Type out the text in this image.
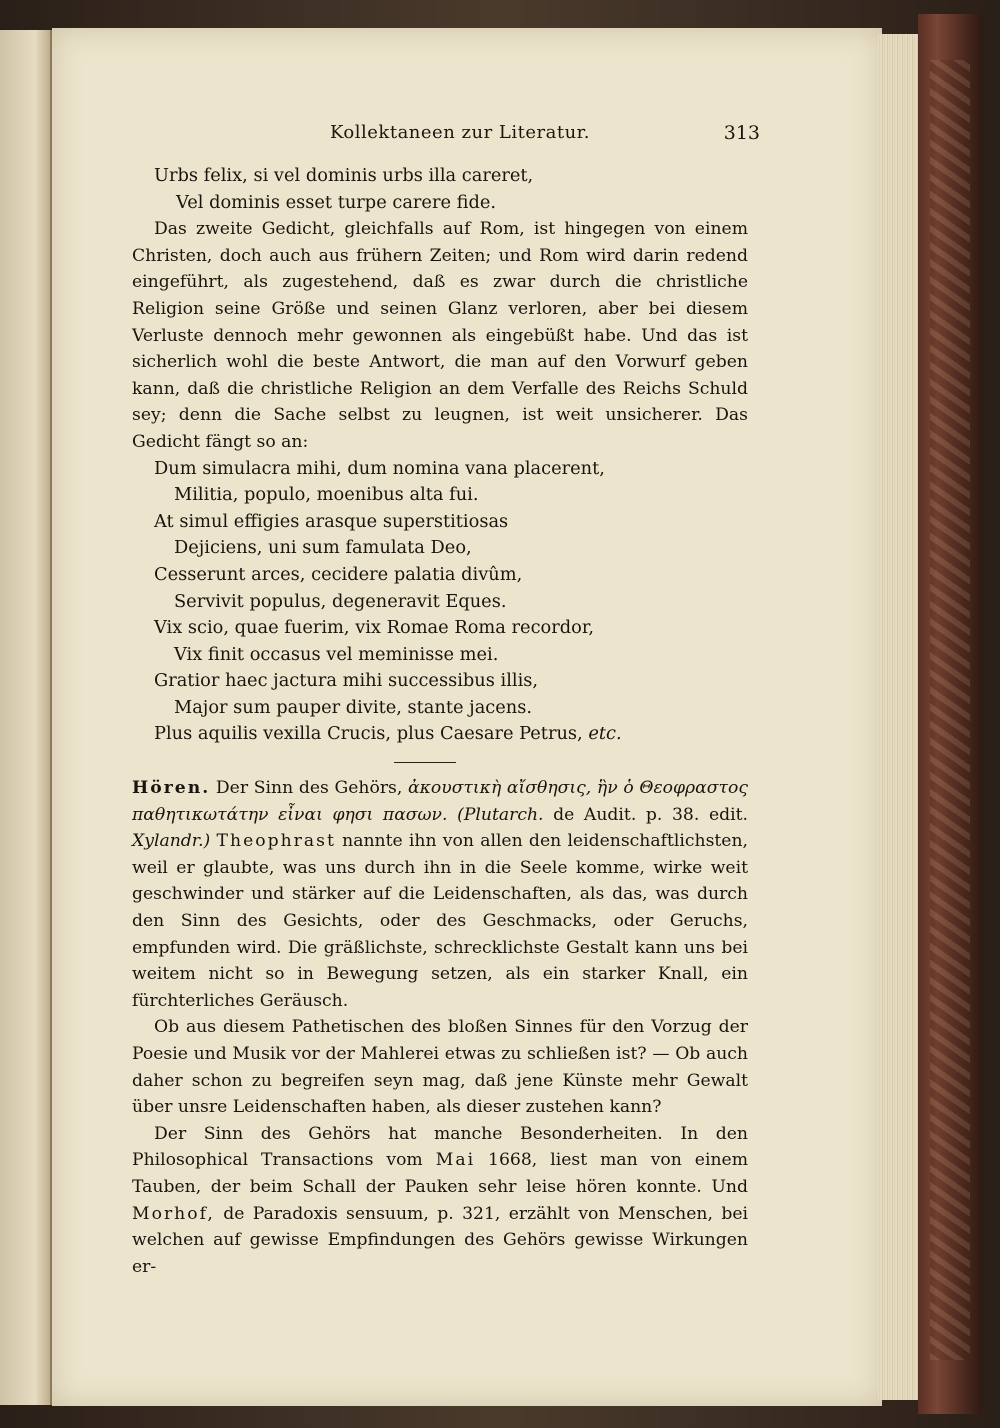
Kollektaneen zur Literatur.	313
Urbs felix, si vel dominis urbs illa careret,
Vel dominis esset turpe carere fide.

Das zweite Gedicht, gleichfalls auf Rom, ist hingegen von einem Christen, doch auch aus frühern Zeiten; und Rom wird darin redend eingeführt, als zugestehend, daß es zwar durch die christliche Religion seine Größe und seinen Glanz verloren, aber bei diesem Verluste dennoch mehr gewonnen als eingebüßt habe. Und das ist sicherlich wohl die beste Antwort, die man auf den Vorwurf geben kann, daß die christliche Religion an dem Verfalle des Reichs Schuld sey; denn die Sache selbst zu leugnen, ist weit unsicherer. Das Gedicht fängt so an:

Dum simulacra mihi, dum nomina vana placerent,
Militia, populo, moenibus alta fui.
At simul effigies arasque superstitiosas
Dejiciens, uni sum famulata Deo,
Cesserunt arces, cecidere palatia divûm,
Servivit populus, degeneravit Eques.
Vix scio, quae fuerim, vix Romae Roma recordor,
Vix finit occasus vel meminisse mei.
Gratior haec jactura mihi successibus illis,
Major sum pauper divite, stante jacens.
Plus aquilis vexilla Crucis, plus Caesare Petrus, etc.

Hören. Der Sinn des Gehörs, ἀκουστικὴ αἴσθησις, ἣν ὁ Θεοφραστος παθητικωτάτην εἶναι φησι πασων. (Plutarch. de Audit. p. 38. edit. Xylandr.) Theophrast nannte ihn von allen den leidenschaftlichsten, weil er glaubte, was uns durch ihn in die Seele komme, wirke weit geschwinder und stärker auf die Leidenschaften, als das, was durch den Sinn des Gesichts, oder des Geschmacks, oder Geruchs, empfunden wird. Die gräßlichste, schrecklichste Gestalt kann uns bei weitem nicht so in Bewegung setzen, als ein starker Knall, ein fürchterliches Geräusch.

Ob aus diesem Pathetischen des bloßen Sinnes für den Vorzug der Poesie und Musik vor der Mahlerei etwas zu schließen ist? — Ob auch daher schon zu begreifen seyn mag, daß jene Künste mehr Gewalt über unsre Leidenschaften haben, als dieser zustehen kann?

Der Sinn des Gehörs hat manche Besonderheiten. In den Philosophical Transactions vom Mai 1668, liest man von einem Tauben, der beim Schall der Pauken sehr leise hören konnte. Und Morhof, de Paradoxis sensuum, p. 321, erzählt von Menschen, bei welchen auf gewisse Empfindungen des Gehörs gewisse Wirkungen er-
